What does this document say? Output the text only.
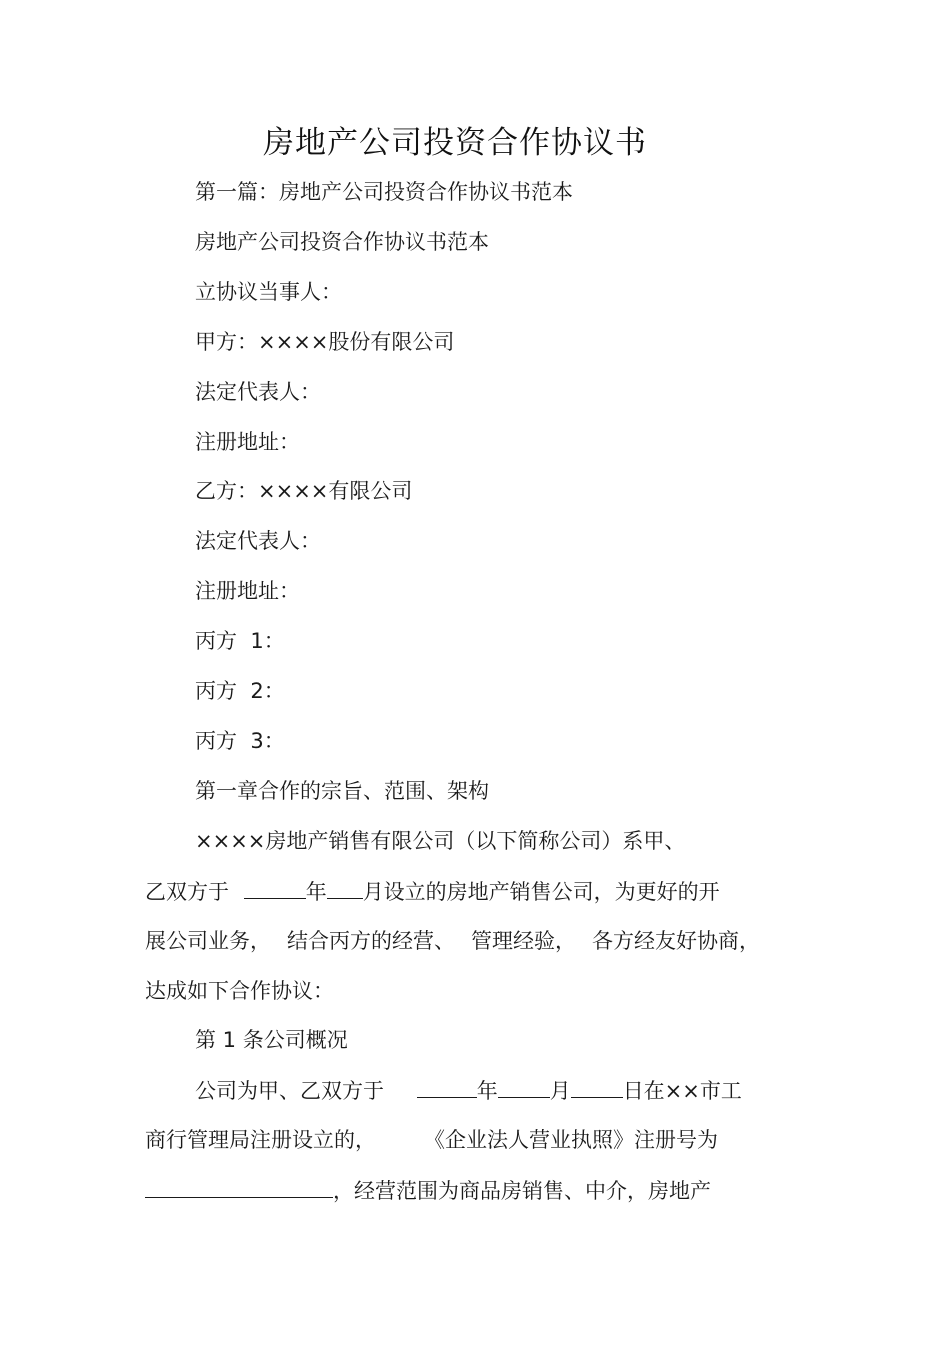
房地产公司投资合作协议书
第一篇：房地产公司投资合作协议书范本
房地产公司投资合作协议书范本
立协议当事人：
甲方：××××股份有限公司
法定代表人：
注册地址：
乙方：××××有限公司
法定代表人：
注册地址：
丙方  1：
丙方  2：
丙方  3：
第一章合作的宗旨、范围、架构
××××房地产销售有限公司（以下简称公司）系甲、
乙双方于	年 月设立的房地产销售公司，为更好的开
展公司业务， 结合丙方的经营、 管理经验， 各方经友好协商，
达成如下合作协议：
第 1 条公司概况
公司为甲、乙双方于	年 月 日在××市工
商行管理局注册设立的， 《企业法人营业执照》注册号为
，经营范围为商品房销售、中介，房地产
